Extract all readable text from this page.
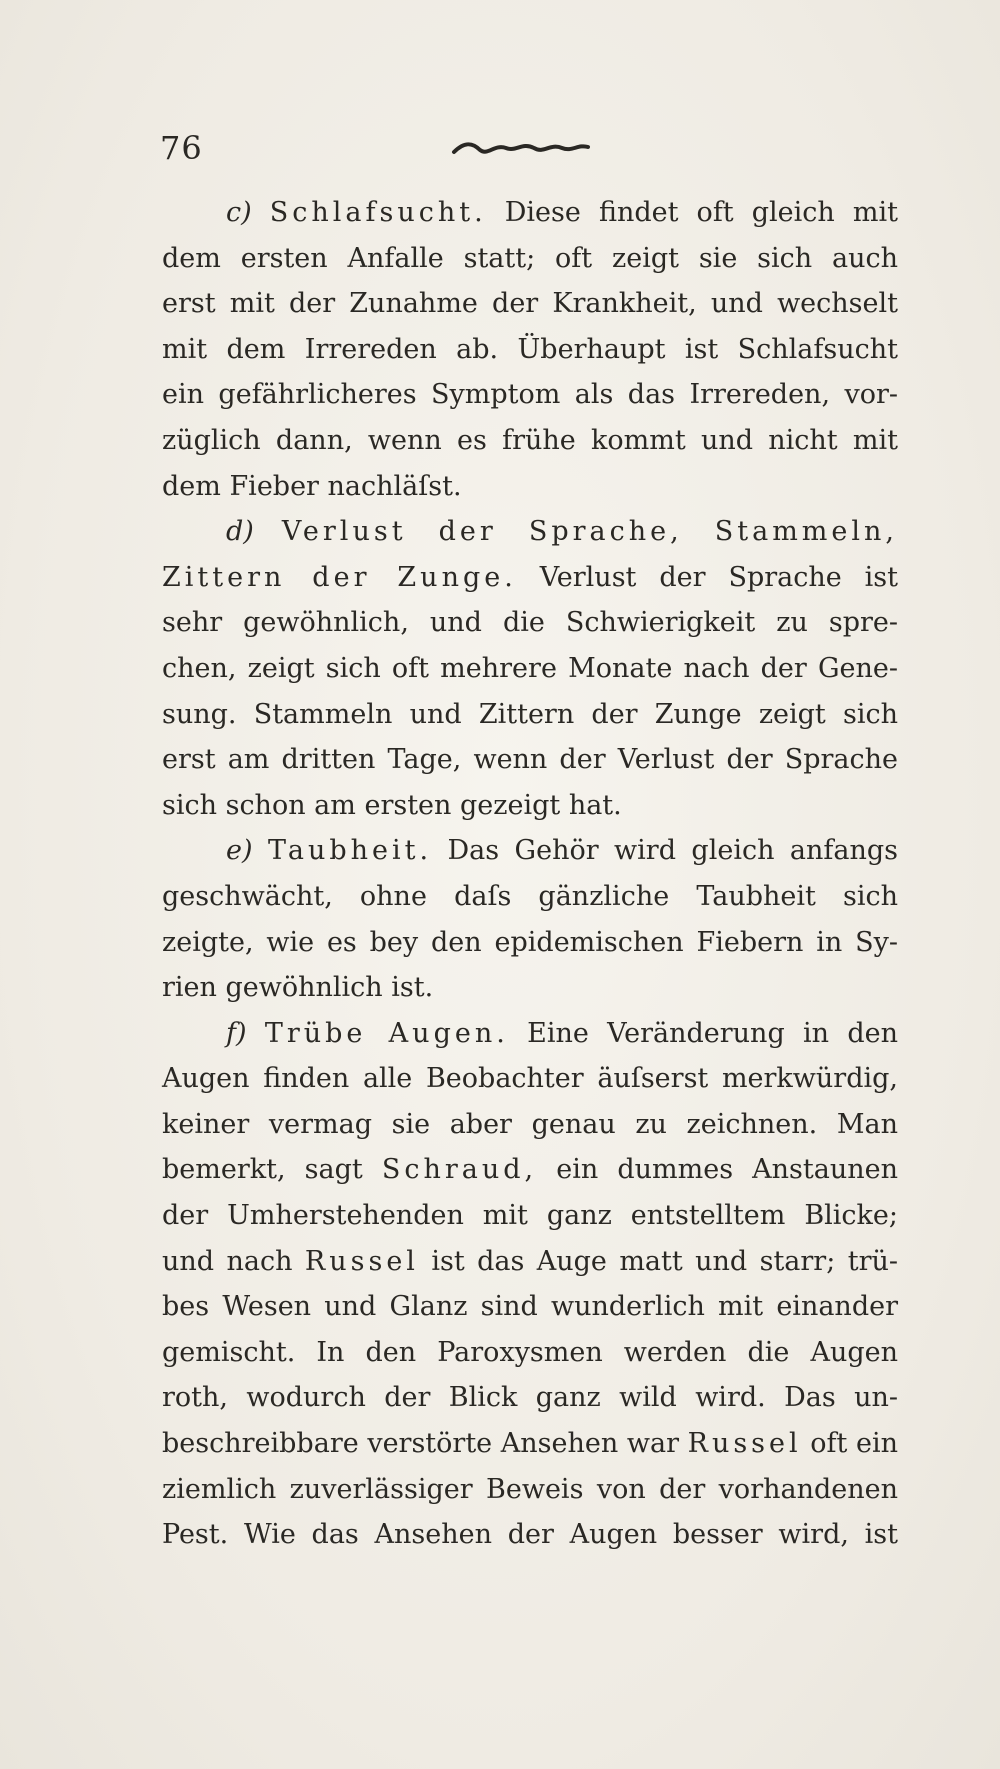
76
c) Schlafsucht. Diese findet oft gleich mit
dem ersten Anfalle statt; oft zeigt sie sich auch
erst mit der Zunahme der Krankheit, und wechselt
mit dem Irrereden ab. Überhaupt ist Schlafsucht
ein gefährlicheres Symptom als das Irrereden, vor-
züglich dann, wenn es frühe kommt und nicht mit
dem Fieber nachläſst.
d) Verlust der Sprache, Stammeln,
Zittern der Zunge. Verlust der Sprache ist
sehr gewöhnlich, und die Schwierigkeit zu spre-
chen, zeigt sich oft mehrere Monate nach der Gene-
sung. Stammeln und Zittern der Zunge zeigt sich
erst am dritten Tage, wenn der Verlust der Sprache
sich schon am ersten gezeigt hat.
e) Taubheit. Das Gehör wird gleich anfangs
geschwächt, ohne daſs gänzliche Taubheit sich
zeigte, wie es bey den epidemischen Fiebern in Sy-
rien gewöhnlich ist.
f) Trübe Augen. Eine Veränderung in den
Augen finden alle Beobachter äuſserst merkwürdig,
keiner vermag sie aber genau zu zeichnen. Man
bemerkt, sagt Schraud, ein dummes Anstaunen
der Umherstehenden mit ganz entstelltem Blicke;
und nach Russel ist das Auge matt und starr; trü-
bes Wesen und Glanz sind wunderlich mit einander
gemischt. In den Paroxysmen werden die Augen
roth, wodurch der Blick ganz wild wird. Das un-
beschreibbare verstörte Ansehen war Russel oft ein
ziemlich zuverlässiger Beweis von der vorhandenen
Pest. Wie das Ansehen der Augen besser wird, ist
